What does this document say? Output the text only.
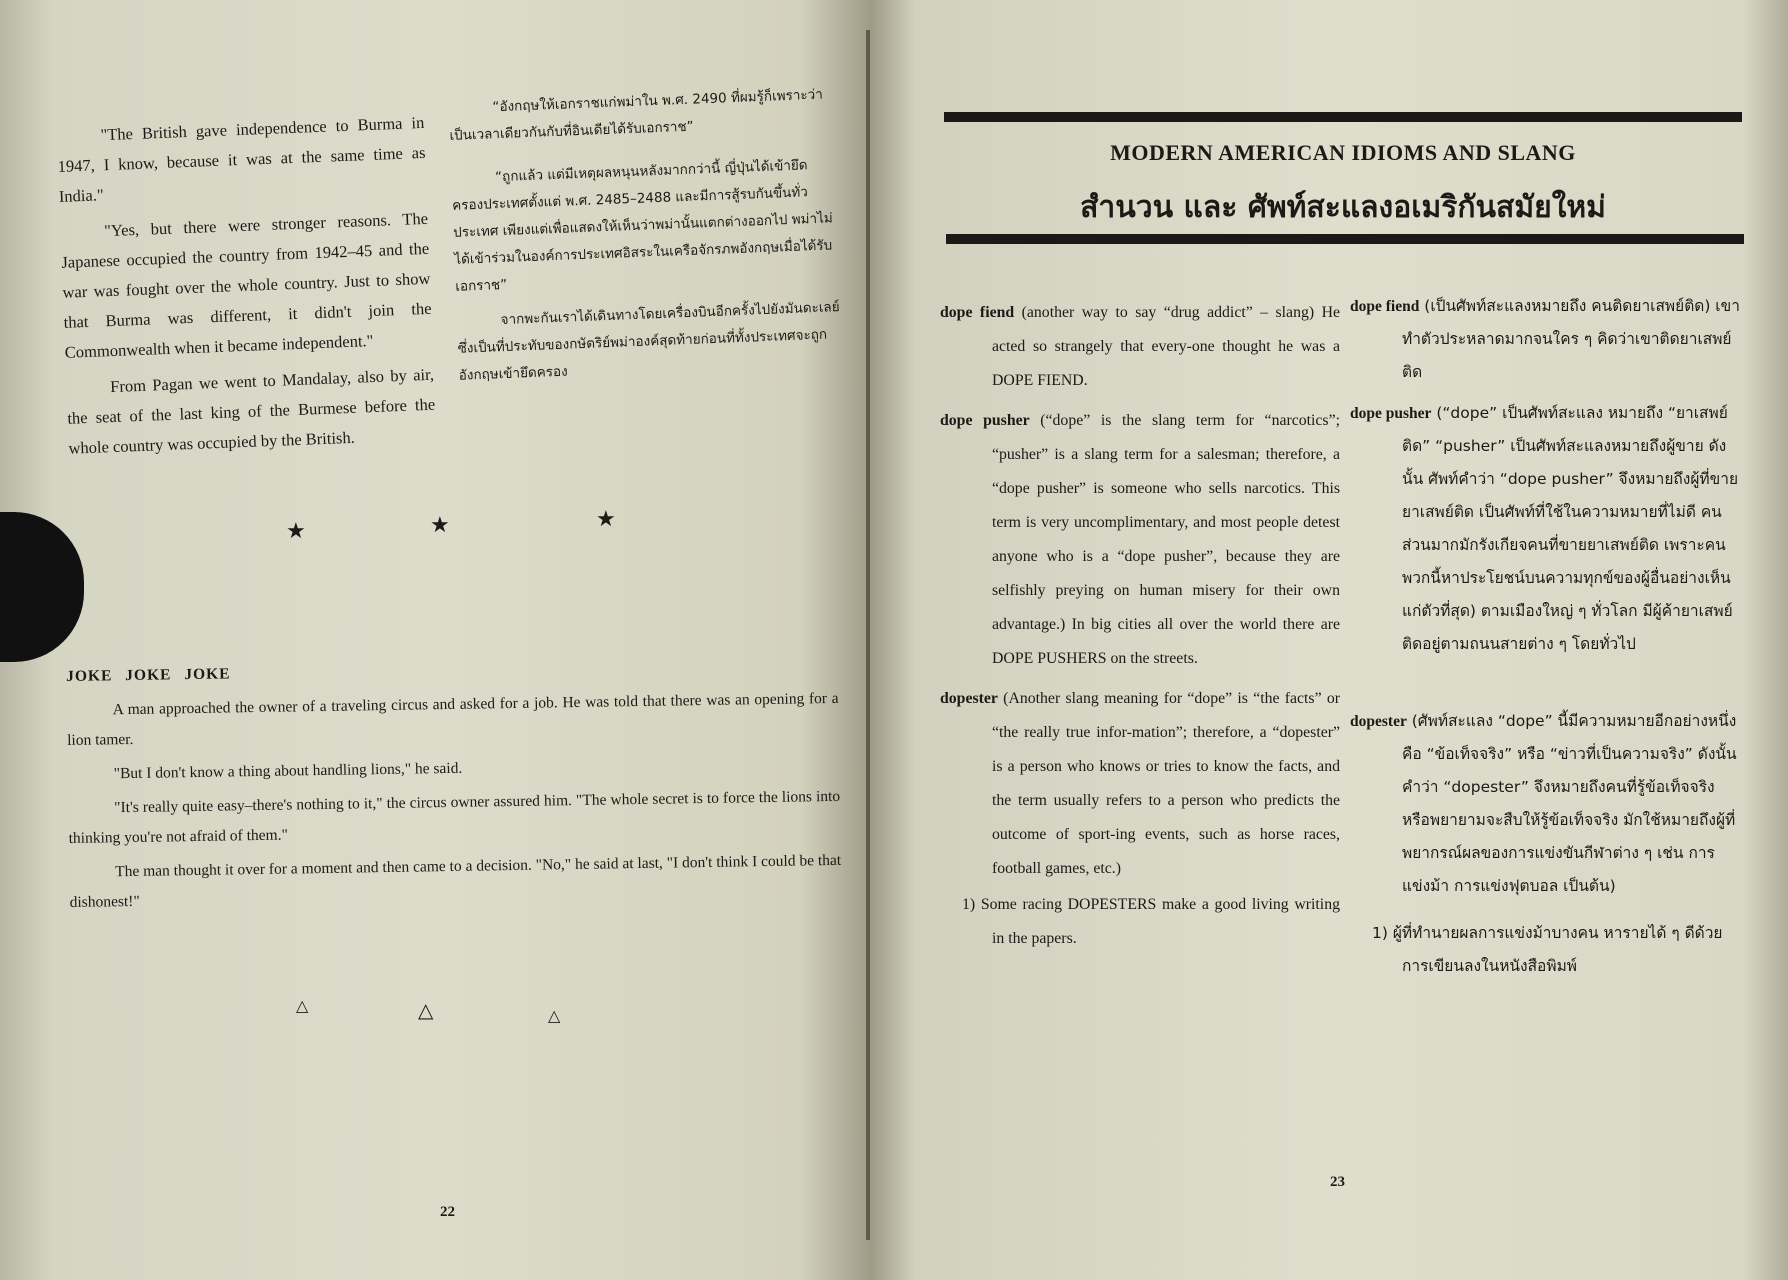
"The British gave independence to Burma in 1947, I know, because it was at the same time as India."

"Yes, but there were stronger reasons. The Japanese occupied the country from 1942–45 and the war was fought over the whole country. Just to show that Burma was different, it didn't join the Commonwealth when it became independent."

From Pagan we went to Mandalay, also by air, the seat of the last king of the Burmese before the whole country was occupied by the British.

“อังกฤษให้เอกราชแก่พม่าใน พ.ศ. 2490 ที่ผมรู้ก็เพราะว่าเป็นเวลาเดียวกันกับที่อินเดียได้รับเอกราช”

“ถูกแล้ว แต่มีเหตุผลหนุนหลังมากกว่านี้ ญี่ปุ่นได้เข้ายึดครองประเทศตั้งแต่ พ.ศ. 2485–2488 และมีการสู้รบกันขึ้นทั่วประเทศ เพียงแต่เพื่อแสดงให้เห็นว่าพม่านั้นแตกต่างออกไป พม่าไม่ได้เข้าร่วมในองค์การประเทศอิสระในเครือจักรภพอังกฤษเมื่อได้รับเอกราช”

จากพะกันเราได้เดินทางโดยเครื่องบินอีกครั้งไปยังมันดะเลย์ ซึ่งเป็นที่ประทับของกษัตริย์พม่าองค์สุดท้ายก่อนที่ทั้งประเทศจะถูกอังกฤษเข้ายึดครอง

★	★	★
JOKE JOKE JOKE

A man approached the owner of a traveling circus and asked for a job. He was told that there was an opening for a lion tamer.

"But I don't know a thing about handling lions," he said.

"It's really quite easy–there's nothing to it," the circus owner assured him. "The whole secret is to force the lions into thinking you're not afraid of them."

The man thought it over for a moment and then came to a decision. "No," he said at last, "I don't think I could be that dishonest!"

△	△	△
22
MODERN AMERICAN IDIOMS AND SLANG
สำนวน และ ศัพท์สะแลงอเมริกันสมัยใหม่
dope fiend (another way to say “drug addict” – slang) He acted so strangely that every-one thought he was a DOPE FIEND.
dope pusher (“dope” is the slang term for “narcotics”; “pusher” is a slang term for a salesman; therefore, a “dope pusher” is someone who sells narcotics. This term is very uncomplimentary, and most people detest anyone who is a “dope pusher”, because they are selfishly preying on human misery for their own advantage.) In big cities all over the world there are DOPE PUSHERS on the streets.
dopester (Another slang meaning for “dope” is “the facts” or “the really true infor-mation”; therefore, a “dopester” is a person who knows or tries to know the facts, and the term usually refers to a person who predicts the outcome of sport-ing events, such as horse races, football games, etc.)
1) Some racing DOPESTERS make a good living writing in the papers.
dope fiend (เป็นศัพท์สะแลงหมายถึง คนติดยาเสพย์ติด) เขาทำตัวประหลาดมากจนใคร ๆ คิดว่าเขาติดยาเสพย์ติด
dope pusher (“dope” เป็นศัพท์สะแลง หมายถึง “ยาเสพย์ติด” “pusher” เป็นศัพท์สะแลงหมายถึงผู้ขาย ดังนั้น ศัพท์คำว่า “dope pusher” จึงหมายถึงผู้ที่ขายยาเสพย์ติด เป็นศัพท์ที่ใช้ในความหมายที่ไม่ดี คนส่วนมากมักรังเกียจคนที่ขายยาเสพย์ติด เพราะคนพวกนี้หาประโยชน์บนความทุกข์ของผู้อื่นอย่างเห็นแก่ตัวที่สุด) ตามเมืองใหญ่ ๆ ทั่วโลก มีผู้ค้ายาเสพย์ติดอยู่ตามถนนสายต่าง ๆ โดยทั่วไป
dopester (ศัพท์สะแลง “dope” นี้มีความหมายอีกอย่างหนึ่งคือ “ข้อเท็จจริง” หรือ “ข่าวที่เป็นความจริง” ดังนั้น คำว่า “dopester” จึงหมายถึงคนที่รู้ข้อเท็จจริง หรือพยายามจะสืบให้รู้ข้อเท็จจริง มักใช้หมายถึงผู้ที่พยากรณ์ผลของการแข่งขันกีฬาต่าง ๆ เช่น การแข่งม้า การแข่งฟุตบอล เป็นต้น)
1) ผู้ที่ทำนายผลการแข่งม้าบางคน หารายได้ ๆ ดีด้วยการเขียนลงในหนังสือพิมพ์
23
